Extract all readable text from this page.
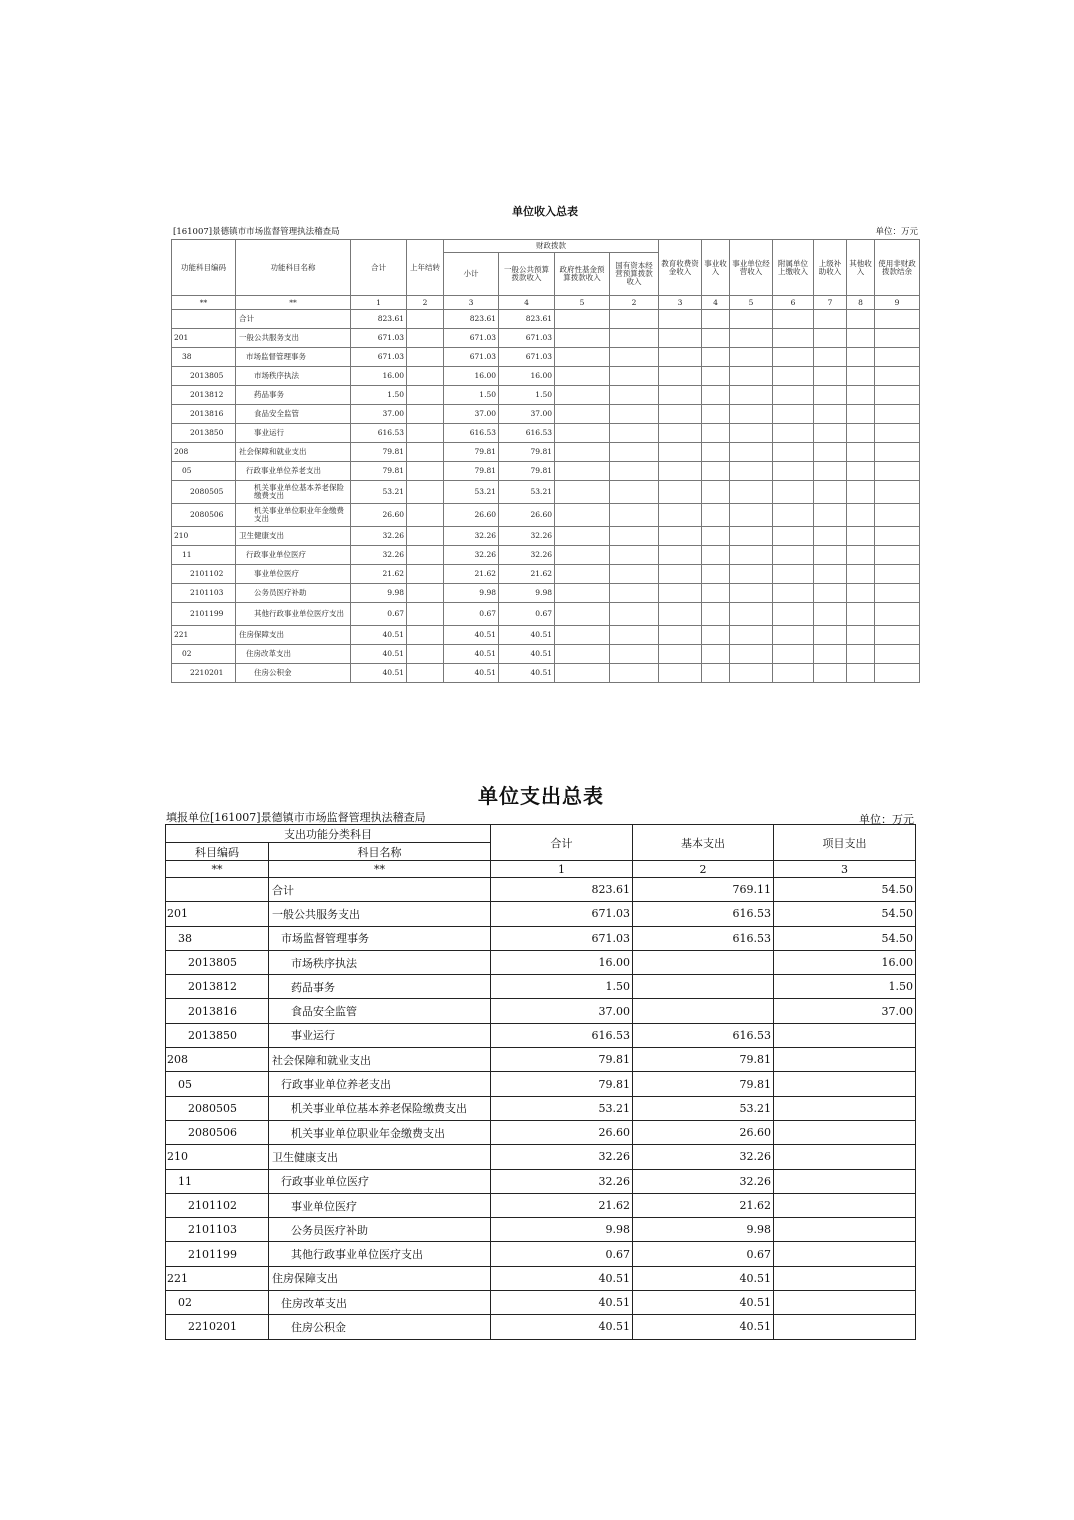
单位收入总表
[161007]景德镇市市场监督管理执法稽查局	单位：万元
功能科目编码	功能科目名称	合计	上年结转	财政拨款				教育收费资金收入	事业收入	事业单位经营收入	附属单位上缴收入	上级补助收入	其他收入	使用非财政拨款结余
				小计	一般公共预算拨款收入	政府性基金预算拨款收入	国有资本经营预算拨款收入							
**	**	1	2	3	4	5	2	3	4	5	6	7	8	9
	合计	823.61		823.61	823.61									
201	一般公共服务支出	671.03		671.03	671.03									
38	市场监督管理事务	671.03		671.03	671.03									
2013805	市场秩序执法	16.00		16.00	16.00									
2013812	药品事务	1.50		1.50	1.50									
2013816	食品安全监管	37.00		37.00	37.00									
2013850	事业运行	616.53		616.53	616.53									
208	社会保障和就业支出	79.81		79.81	79.81									
05	行政事业单位养老支出	79.81		79.81	79.81									
2080505	机关事业单位基本养老保险缴费支出	53.21		53.21	53.21									
2080506	机关事业单位职业年金缴费支出	26.60		26.60	26.60									
210	卫生健康支出	32.26		32.26	32.26									
11	行政事业单位医疗	32.26		32.26	32.26									
2101102	事业单位医疗	21.62		21.62	21.62									
2101103	公务员医疗补助	9.98		9.98	9.98									
2101199	其他行政事业单位医疗支出	0.67		0.67	0.67									
221	住房保障支出	40.51		40.51	40.51									
02	住房改革支出	40.51		40.51	40.51									
2210201	住房公积金	40.51		40.51	40.51									
单位支出总表
填报单位[161007]景德镇市市场监督管理执法稽查局	单位：万元
支出功能分类科目		合计	基本支出	项目支出
科目编码	科目名称			
**	**	1	2	3
	合计	823.61	769.11	54.50
201	一般公共服务支出	671.03	616.53	54.50
38	市场监督管理事务	671.03	616.53	54.50
2013805	市场秩序执法	16.00		16.00
2013812	药品事务	1.50		1.50
2013816	食品安全监管	37.00		37.00
2013850	事业运行	616.53	616.53	
208	社会保障和就业支出	79.81	79.81	
05	行政事业单位养老支出	79.81	79.81	
2080505	机关事业单位基本养老保险缴费支出	53.21	53.21	
2080506	机关事业单位职业年金缴费支出	26.60	26.60	
210	卫生健康支出	32.26	32.26	
11	行政事业单位医疗	32.26	32.26	
2101102	事业单位医疗	21.62	21.62	
2101103	公务员医疗补助	9.98	9.98	
2101199	其他行政事业单位医疗支出	0.67	0.67	
221	住房保障支出	40.51	40.51	
02	住房改革支出	40.51	40.51	
2210201	住房公积金	40.51	40.51	
